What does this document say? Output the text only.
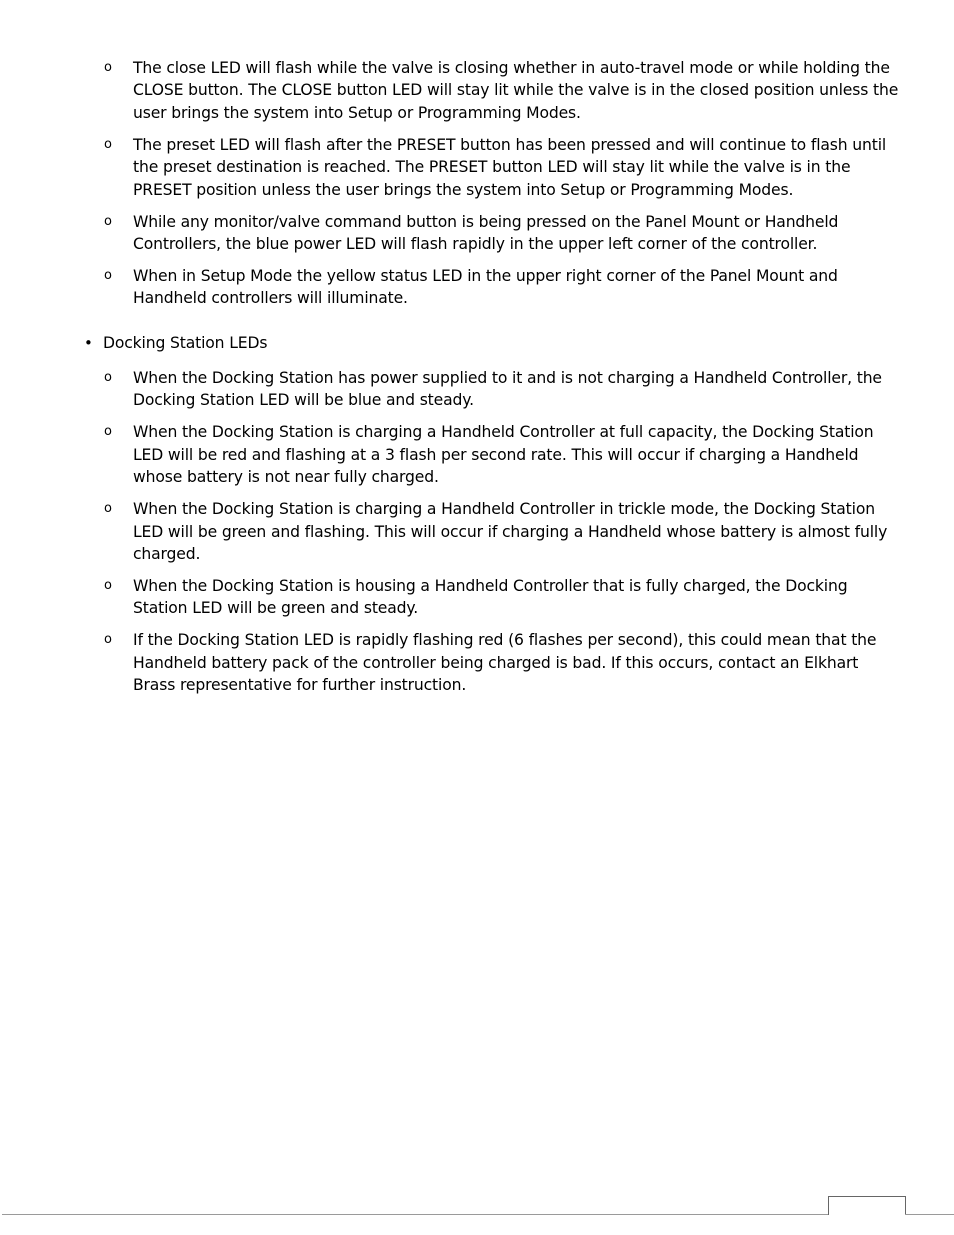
o The close LED will flash while the valve is closing whether in auto-travel mode or while holding the CLOSE button. The CLOSE button LED will stay lit while the valve is in the closed position unless the user brings the system into Setup or Programming Modes.
o The preset LED will flash after the PRESET button has been pressed and will continue to flash until the preset destination is reached. The PRESET button LED will stay lit while the valve is in the PRESET position unless the user brings the system into Setup or Programming Modes.
o While any monitor/valve command button is being pressed on the Panel Mount or Handheld Controllers, the blue power LED will flash rapidly in the upper left corner of the controller.
o When in Setup Mode the yellow status LED in the upper right corner of the Panel Mount and Handheld controllers will illuminate.
• Docking Station LEDs
o When the Docking Station has power supplied to it and is not charging a Handheld Controller, the Docking Station LED will be blue and steady.
o When the Docking Station is charging a Handheld Controller at full capacity, the Docking Station LED will be red and flashing at a 3 flash per second rate. This will occur if charging a Handheld whose battery is not near fully charged.
o When the Docking Station is charging a Handheld Controller in trickle mode, the Docking Station LED will be green and flashing. This will occur if charging a Handheld whose battery is almost fully charged.
o When the Docking Station is housing a Handheld Controller that is fully charged, the Docking Station LED will be green and steady.
o If the Docking Station LED is rapidly flashing red (6 flashes per second), this could mean that the Handheld battery pack of the controller being charged is bad. If this occurs, contact an Elkhart Brass representative for further instruction.
